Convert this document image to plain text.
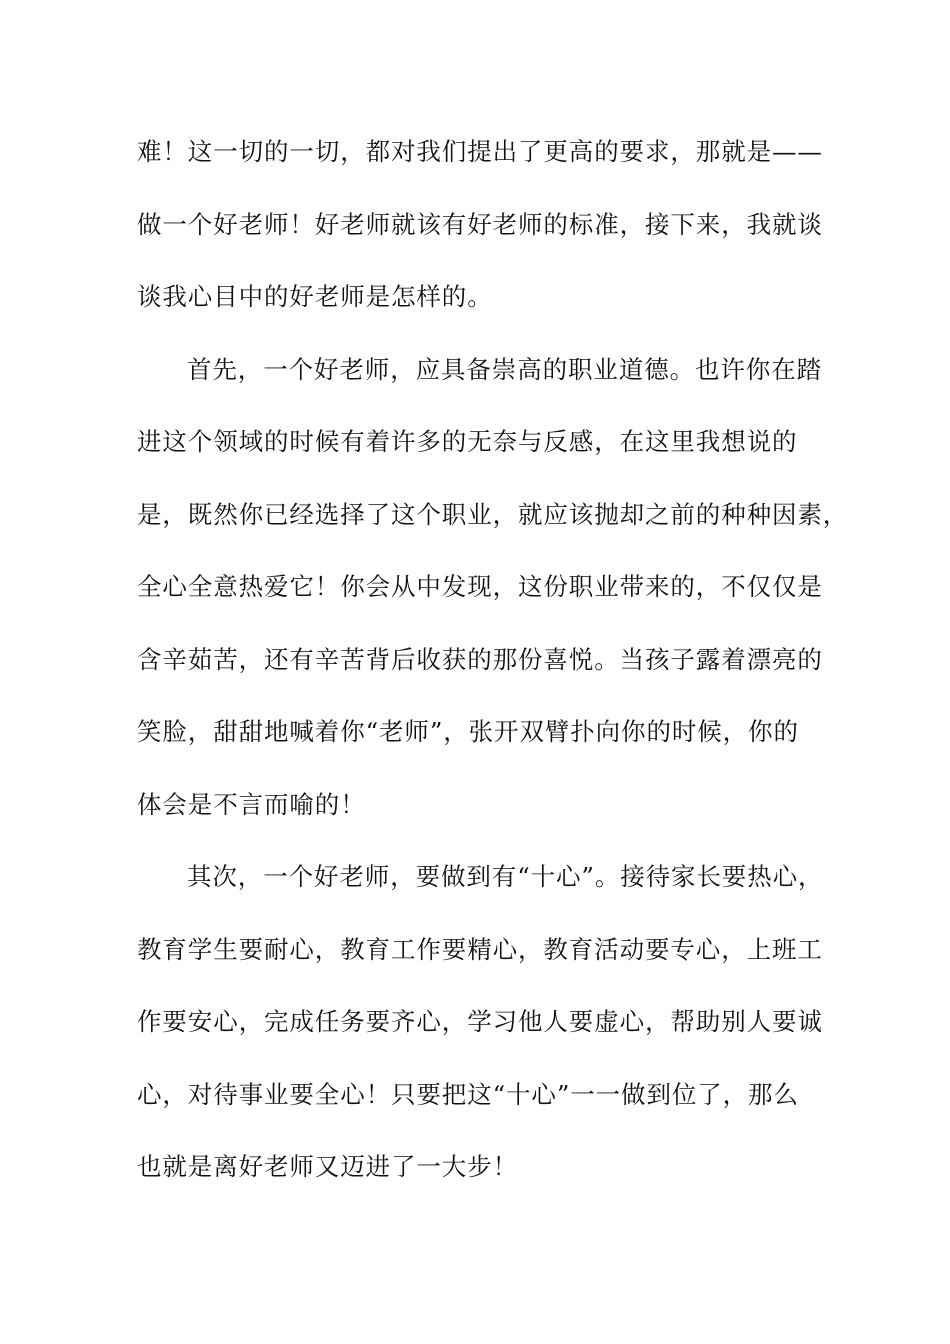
难！这一切的一切，都对我们提出了更高的要求，那就是——
做一个好老师！好老师就该有好老师的标准，接下来，我就谈
谈我心目中的好老师是怎样的。
首先，一个好老师，应具备崇高的职业道德。也许你在踏
进这个领域的时候有着许多的无奈与反感，在这里我想说的
是，既然你已经选择了这个职业，就应该抛却之前的种种因素，
全心全意热爱它！你会从中发现，这份职业带来的，不仅仅是
含辛茹苦，还有辛苦背后收获的那份喜悦。当孩子露着漂亮的
笑脸，甜甜地喊着你“老师”，张开双臂扑向你的时候，你的
体会是不言而喻的！
其次，一个好老师，要做到有“十心”。接待家长要热心，
教育学生要耐心，教育工作要精心，教育活动要专心，上班工
作要安心，完成任务要齐心，学习他人要虚心，帮助别人要诚
心，对待事业要全心！只要把这“十心”一一做到位了，那么
也就是离好老师又迈进了一大步！
